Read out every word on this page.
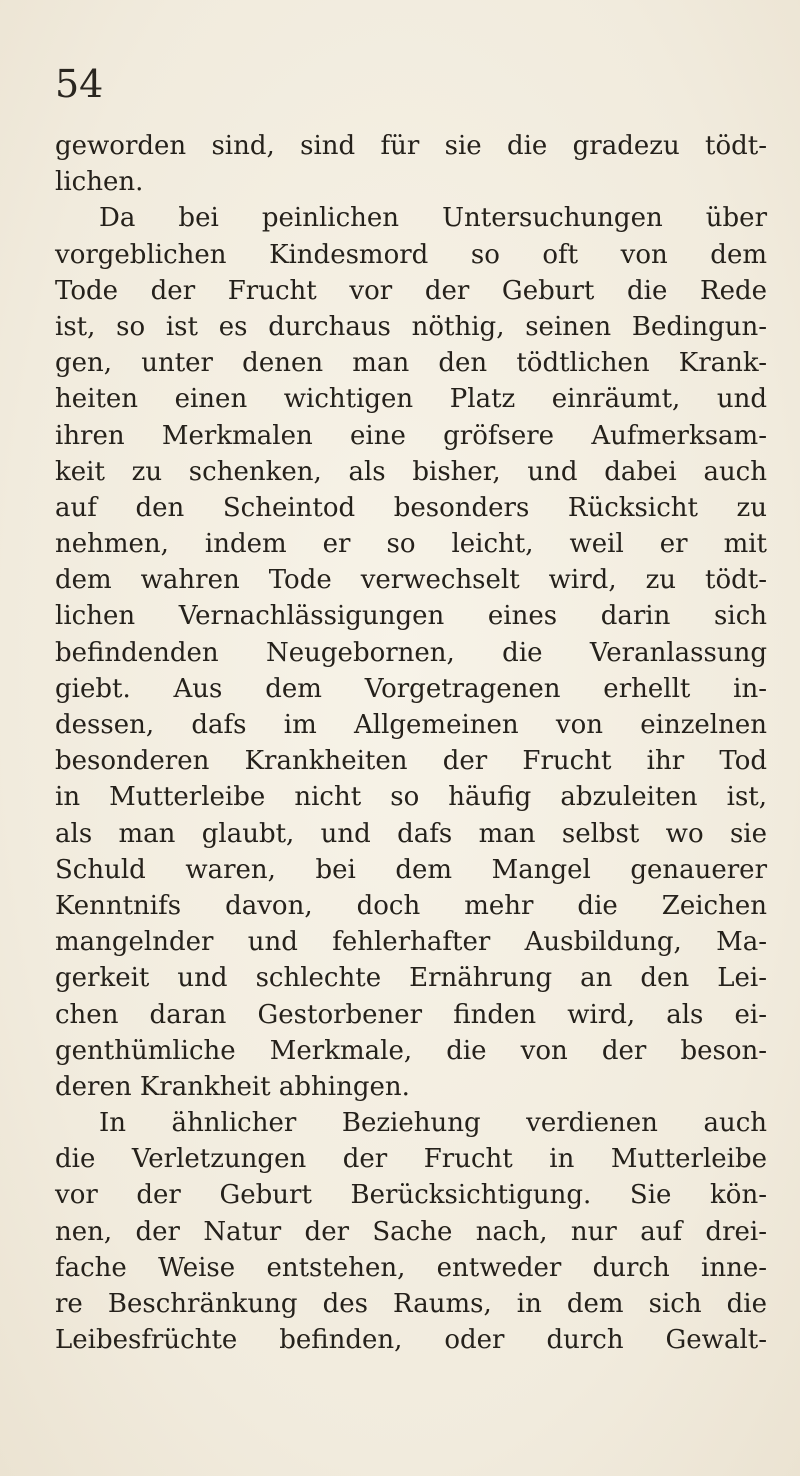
54
geworden sind, sind für sie die gradezu tödt-
lichen.
Da bei peinlichen Untersuchungen über
vorgeblichen Kindesmord so oft von dem
Tode der Frucht vor der Geburt die Rede
ist, so ist es durchaus nöthig, seinen Bedingun-
gen, unter denen man den tödtlichen Krank-
heiten einen wichtigen Platz einräumt, und
ihren Merkmalen eine gröfsere Aufmerksam-
keit zu schenken, als bisher, und dabei auch
auf den Scheintod besonders Rücksicht zu
nehmen, indem er so leicht, weil er mit
dem wahren Tode verwechselt wird, zu tödt-
lichen Vernachlässigungen eines darin sich
befindenden Neugebornen, die Veranlassung
giebt. Aus dem Vorgetragenen erhellt in-
dessen, dafs im Allgemeinen von einzelnen
besonderen Krankheiten der Frucht ihr Tod
in Mutterleibe nicht so häufig abzuleiten ist,
als man glaubt, und dafs man selbst wo sie
Schuld waren, bei dem Mangel genauerer
Kenntnifs davon, doch mehr die Zeichen
mangelnder und fehlerhafter Ausbildung, Ma-
gerkeit und schlechte Ernährung an den Lei-
chen daran Gestorbener finden wird, als ei-
genthümliche Merkmale, die von der beson-
deren Krankheit abhingen.
In ähnlicher Beziehung verdienen auch
die Verletzungen der Frucht in Mutterleibe
vor der Geburt Berücksichtigung. Sie kön-
nen, der Natur der Sache nach, nur auf drei-
fache Weise entstehen, entweder durch inne-
re Beschränkung des Raums, in dem sich die
Leibesfrüchte befinden, oder durch Gewalt-
